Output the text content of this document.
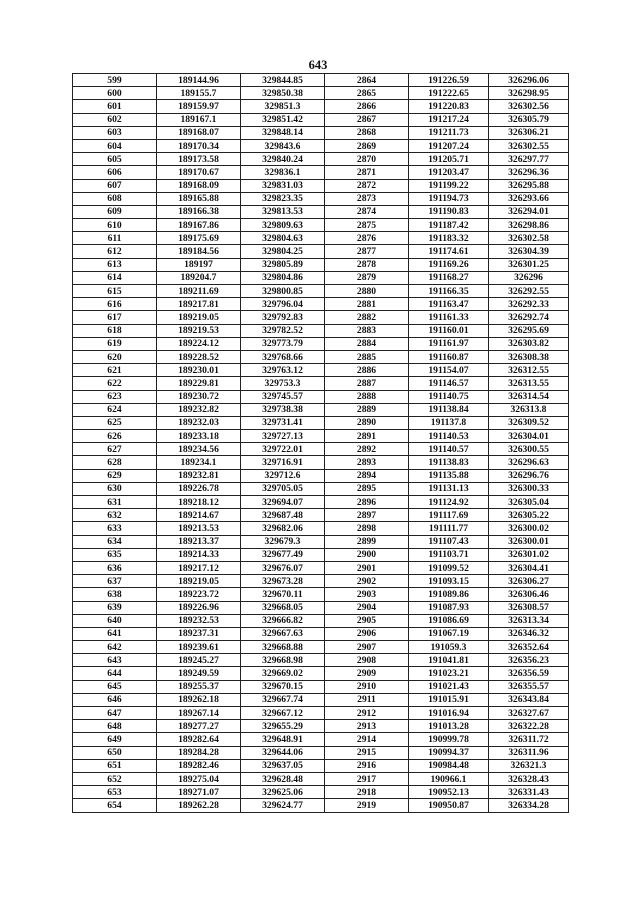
643
599	189144.96	329844.85	2864	191226.59	326296.06
600	189155.7	329850.38	2865	191222.65	326298.95
601	189159.97	329851.3	2866	191220.83	326302.56
602	189167.1	329851.42	2867	191217.24	326305.79
603	189168.07	329848.14	2868	191211.73	326306.21
604	189170.34	329843.6	2869	191207.24	326302.55
605	189173.58	329840.24	2870	191205.71	326297.77
606	189170.67	329836.1	2871	191203.47	326296.36
607	189168.09	329831.03	2872	191199.22	326295.88
608	189165.88	329823.35	2873	191194.73	326293.66
609	189166.38	329813.53	2874	191190.83	326294.01
610	189167.86	329809.63	2875	191187.42	326298.86
611	189175.69	329804.63	2876	191183.32	326302.58
612	189184.56	329804.25	2877	191174.61	326304.39
613	189197	329805.89	2878	191169.26	326301.25
614	189204.7	329804.86	2879	191168.27	326296
615	189211.69	329800.85	2880	191166.35	326292.55
616	189217.81	329796.04	2881	191163.47	326292.33
617	189219.05	329792.83	2882	191161.33	326292.74
618	189219.53	329782.52	2883	191160.01	326295.69
619	189224.12	329773.79	2884	191161.97	326303.82
620	189228.52	329768.66	2885	191160.87	326308.38
621	189230.01	329763.12	2886	191154.07	326312.55
622	189229.81	329753.3	2887	191146.57	326313.55
623	189230.72	329745.57	2888	191140.75	326314.54
624	189232.82	329738.38	2889	191138.84	326313.8
625	189232.03	329731.41	2890	191137.8	326309.52
626	189233.18	329727.13	2891	191140.53	326304.01
627	189234.56	329722.01	2892	191140.57	326300.55
628	189234.1	329716.91	2893	191138.83	326296.63
629	189232.81	329712.6	2894	191135.88	326296.76
630	189226.78	329705.05	2895	191131.13	326300.33
631	189218.12	329694.07	2896	191124.92	326305.04
632	189214.67	329687.48	2897	191117.69	326305.22
633	189213.53	329682.06	2898	191111.77	326300.02
634	189213.37	329679.3	2899	191107.43	326300.01
635	189214.33	329677.49	2900	191103.71	326301.02
636	189217.12	329676.07	2901	191099.52	326304.41
637	189219.05	329673.28	2902	191093.15	326306.27
638	189223.72	329670.11	2903	191089.86	326306.46
639	189226.96	329668.05	2904	191087.93	326308.57
640	189232.53	329666.82	2905	191086.69	326313.34
641	189237.31	329667.63	2906	191067.19	326346.32
642	189239.61	329668.88	2907	191059.3	326352.64
643	189245.27	329668.98	2908	191041.81	326356.23
644	189249.59	329669.02	2909	191023.21	326356.59
645	189255.37	329670.15	2910	191021.43	326355.57
646	189262.18	329667.74	2911	191015.91	326343.84
647	189267.14	329667.12	2912	191016.94	326327.67
648	189277.27	329655.29	2913	191013.28	326322.28
649	189282.64	329648.91	2914	190999.78	326311.72
650	189284.28	329644.06	2915	190994.37	326311.96
651	189282.46	329637.05	2916	190984.48	326321.3
652	189275.04	329628.48	2917	190966.1	326328.43
653	189271.07	329625.06	2918	190952.13	326331.43
654	189262.28	329624.77	2919	190950.87	326334.28
